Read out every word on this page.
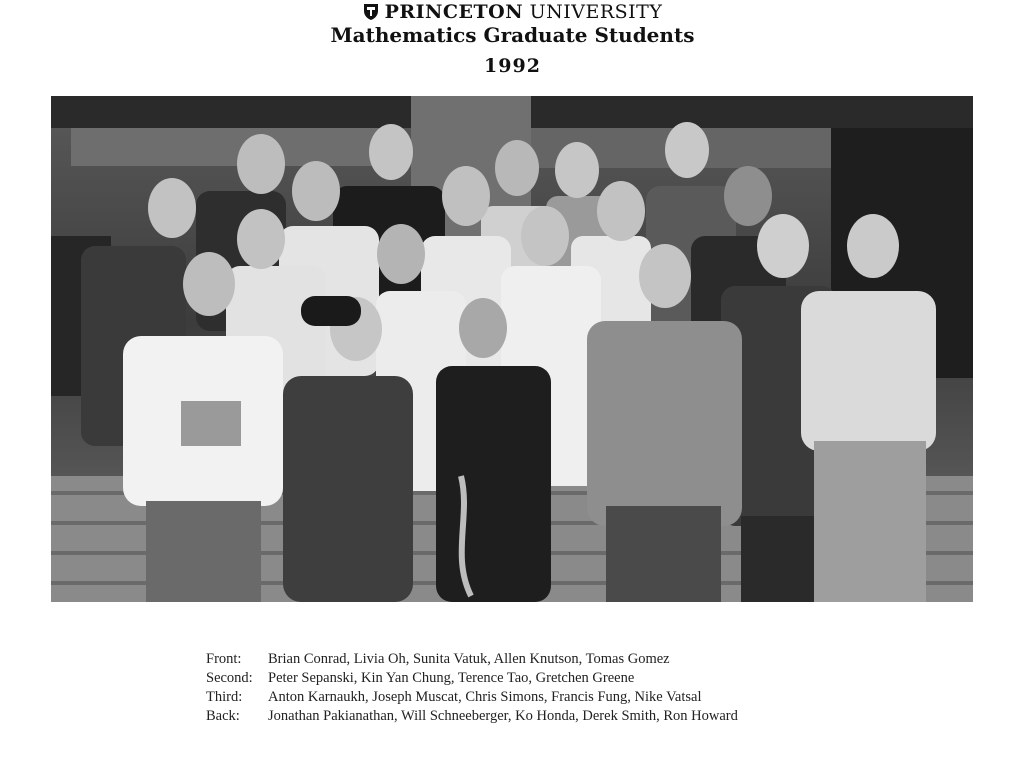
PRINCETON UNIVERSITY
Mathematics Graduate Students
1992
Front:	Brian Conrad, Livia Oh, Sunita Vatuk, Allen Knutson, Tomas Gomez
Second:	Peter Sepanski, Kin Yan Chung, Terence Tao, Gretchen Greene
Third:	Anton Karnaukh, Joseph Muscat, Chris Simons, Francis Fung, Nike Vatsal
Back:	Jonathan Pakianathan, Will Schneeberger, Ko Honda, Derek Smith, Ron Howard
